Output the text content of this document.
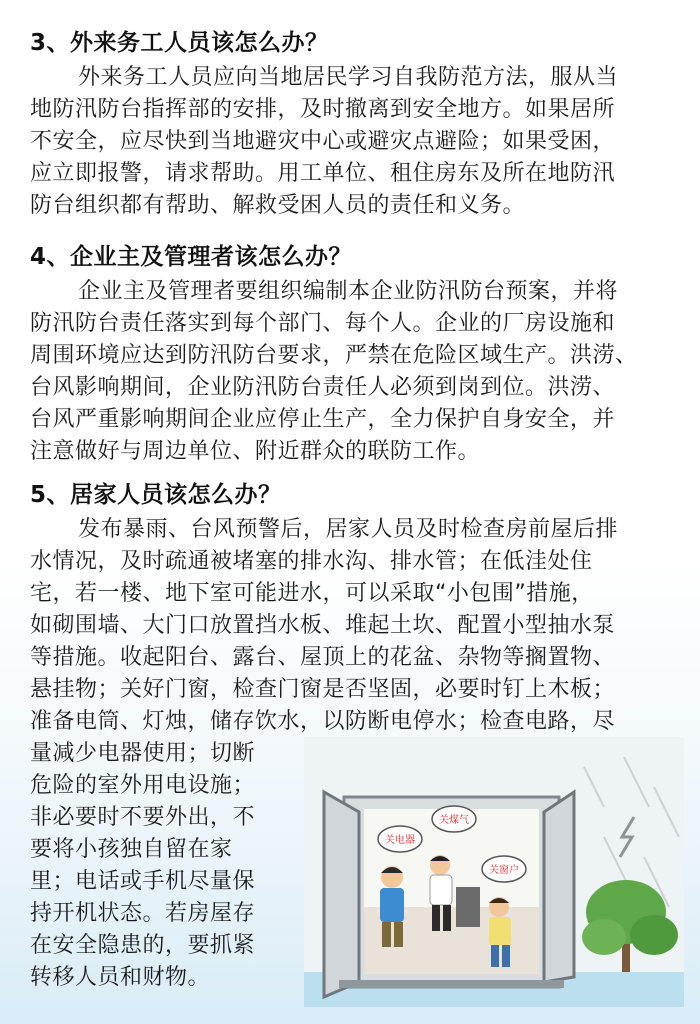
3、外来务工人员该怎么办？
外来务工人员应向当地居民学习自我防范方法，服从当
地防汛防台指挥部的安排，及时撤离到安全地方。如果居所
不安全，应尽快到当地避灾中心或避灾点避险；如果受困，
应立即报警，请求帮助。用工单位、租住房东及所在地防汛
防台组织都有帮助、解救受困人员的责任和义务。
4、企业主及管理者该怎么办？
企业主及管理者要组织编制本企业防汛防台预案，并将
防汛防台责任落实到每个部门、每个人。企业的厂房设施和
周围环境应达到防汛防台要求，严禁在危险区域生产。洪涝、
台风影响期间，企业防汛防台责任人必须到岗到位。洪涝、
台风严重影响期间企业应停止生产，全力保护自身安全，并
注意做好与周边单位、附近群众的联防工作。
5、居家人员该怎么办？
发布暴雨、台风预警后，居家人员及时检查房前屋后排
水情况，及时疏通被堵塞的排水沟、排水管；在低洼处住
宅，若一楼、地下室可能进水，可以采取“小包围”措施，
如砌围墙、大门口放置挡水板、堆起土坎、配置小型抽水泵
等措施。收起阳台、露台、屋顶上的花盆、杂物等搁置物、
悬挂物；关好门窗，检查门窗是否坚固，必要时钉上木板；
准备电筒、灯烛，储存饮水，以防断电停水；检查电路，尽
量减少电器使用；切断
危险的室外用电设施；
非必要时不要外出，不
要将小孩独自留在家
里；电话或手机尽量保
持开机状态。若房屋存
在安全隐患的，要抓紧
转移人员和财物。
关电器
关煤气
关窗户
